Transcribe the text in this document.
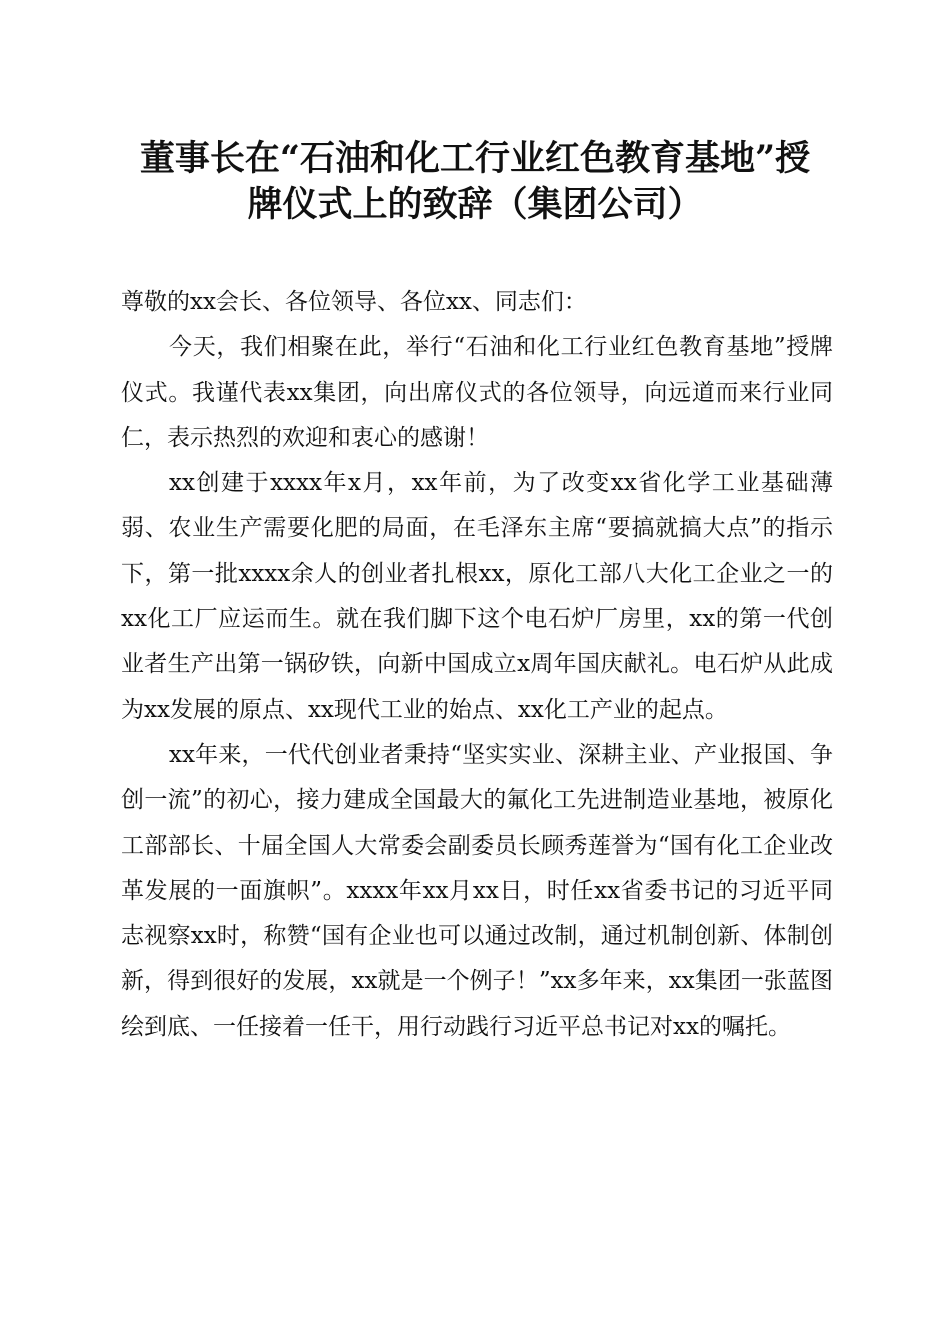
董事长在“石油和化工行业红色教育基地”授
牌仪式上的致辞（集团公司）

尊敬的xx会长、各位领导、各位xx、同志们：

今天，我们相聚在此，举行“石油和化工行业红色教育基地”授牌仪式。我谨代表xx集团，向出席仪式的各位领导，向远道而来行业同仁，表示热烈的欢迎和衷心的感谢！

xx创建于xxxx年x月，xx年前，为了改变xx省化学工业基础薄弱、农业生产需要化肥的局面，在毛泽东主席“要搞就搞大点”的指示下，第一批xxxx余人的创业者扎根xx，原化工部八大化工企业之一的xx化工厂应运而生。就在我们脚下这个电石炉厂房里，xx的第一代创业者生产出第一锅矽铁，向新中国成立x周年国庆献礼。电石炉从此成为xx发展的原点、xx现代工业的始点、xx化工产业的起点。

xx年来，一代代创业者秉持“坚实实业、深耕主业、产业报国、争创一流”的初心，接力建成全国最大的氟化工先进制造业基地，被原化工部部长、十届全国人大常委会副委员长顾秀莲誉为“国有化工企业改革发展的一面旗帜”。xxxx年xx月xx日，时任xx省委书记的习近平同志视察xx时，称赞“国有企业也可以通过改制，通过机制创新、体制创新，得到很好的发展，xx就是一个例子！”xx多年来，xx集团一张蓝图绘到底、一任接着一任干，用行动践行习近平总书记对xx的嘱托。
